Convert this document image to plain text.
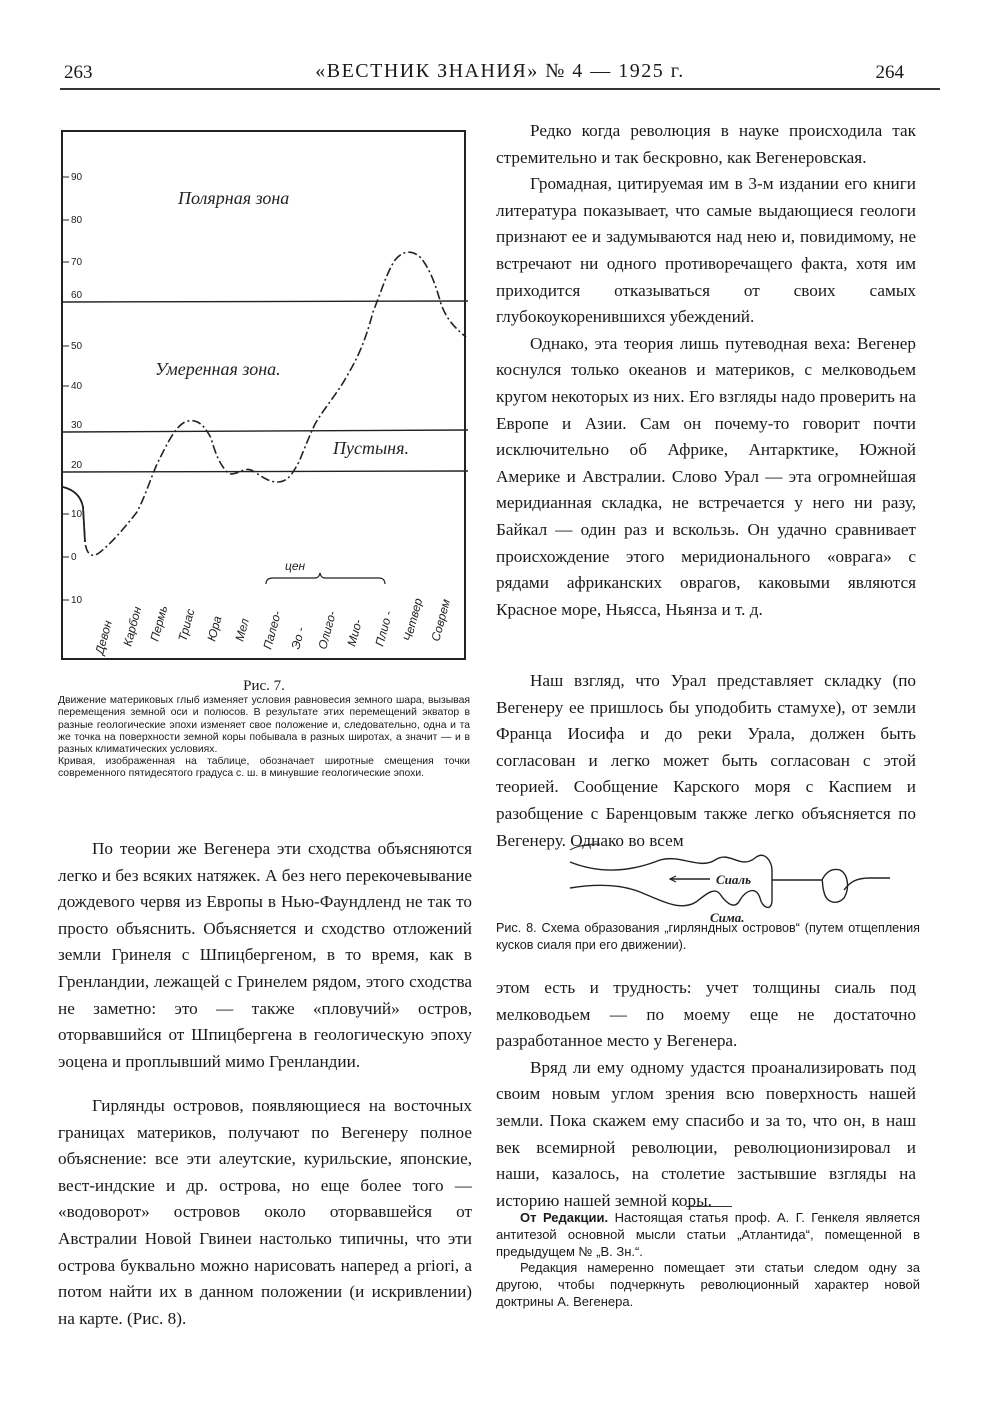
263	«ВЕСТНИК ЗНАНИЯ» № 4 — 1925 г.	264
90
80
70
60
50
40
30
20
10
0
10
Полярная зона
Умеренная зона.
Пустыня.
цен
Девон Карбон Пермь Триас Юра Мел Палео- Эо - Олиго- Мио- Плио - Четвер Соврем
Рис. 7.

Движение материковых глыб изменяет условия равновесия земного шара, вызывая перемещения земной оси и полюсов. В результате этих перемещений экватор в разные геологические эпохи изменяет свое положение и, следовательно, одна и та же точка на поверхности земной коры побывала в разных широтах, а значит — и в разных климатических условиях.

Кривая, изображенная на таблице, обозначает широтные смещения точки современного пятидесятого градуса с. ш. в минувшие геологические эпохи.

По теории же Вегенера эти сходства объясняются легко и без всяких натяжек. А без него перекочевывание дождевого червя из Европы в Нью-Фаундленд не так то просто объяснить. Объясняется и сходство отложений земли Гринеля с Шпицбергеном, в то время, как в Гренландии, лежащей с Гринелем рядом, этого сходства не заметно: это — также «пловучий» остров, оторвавшийся от Шпицбергена в геологическую эпоху эоцена и проплывший мимо Гренландии.

Гирлянды островов, появляющиеся на восточных границах материков, получают по Вегенеру полное объяснение: все эти алеутские, курильские, японские, вест-индские и др. острова, но еще более того — «водоворот» островов около оторвавшейся от Австралии Новой Гвинеи настолько типичны, что эти острова буквально можно нарисовать наперед a priori, а потом найти их в данном положении (и искривлении) на карте. (Рис. 8).

Редко когда революция в науке происходила так стремительно и так бескровно, как Вегенеровская.

Громадная, цитируемая им в 3-м издании его книги литература показывает, что самые выдающиеся геологи признают ее и задумываются над нею и, повидимому, не встречают ни одного противоречащего факта, хотя им приходится отказываться от своих самых глубокоукоренившихся убеждений.

Однако, эта теория лишь путеводная веха: Вегенер коснулся только океанов и материков, с мелководьем кругом некоторых из них. Его взгляды надо проверить на Европе и Азии. Сам он почему-то говорит почти исключительно об Африке, Антарктике, Южной Америке и Австралии. Слово Урал — эта огромнейшая меридианная складка, не встречается у него ни разу, Байкал — один раз и вскользь. Он удачно сравнивает происхождение этого меридионального «оврага» с рядами африканских оврагов, каковыми являются Красное море, Ньясса, Ньянза и т. д.

Наш взгляд, что Урал представляет складку (по Вегенеру ее пришлось бы уподобить стамухе), от земли Франца Иосифа и до реки Урала, должен быть согласован и легко может быть согласован с этой теорией. Сообщение Карского моря с Каспием и разобщение с Баренцовым также легко объясняется по Вегенеру. Однако во всем

Сиаль
Сима.
Рис. 8. Схема образования „гирляндных островов“ (путем отщепления кусков сиаля при его движении).

этом есть и трудность: учет толщины сиаль под мелководьем — по моему еще не достаточно разработанное место у Вегенера.

Вряд ли ему одному удастся проанализировать под своим новым углом зрения всю поверхность нашей земли. Пока скажем ему спасибо и за то, что он, в наш век всемирной революции, революционизировал и наши, казалось, на столетие застывшие взгляды на историю нашей земной коры.

От Редакции. Настоящая статья проф. А. Г. Генкеля является антитезой основной мысли статьи „Атлантида“, помещенной в предыдущем № „В. Зн.“.

Редакция намеренно помещает эти статьи следом одну за другою, чтобы подчеркнуть революционный характер новой доктрины А. Вегенера.
